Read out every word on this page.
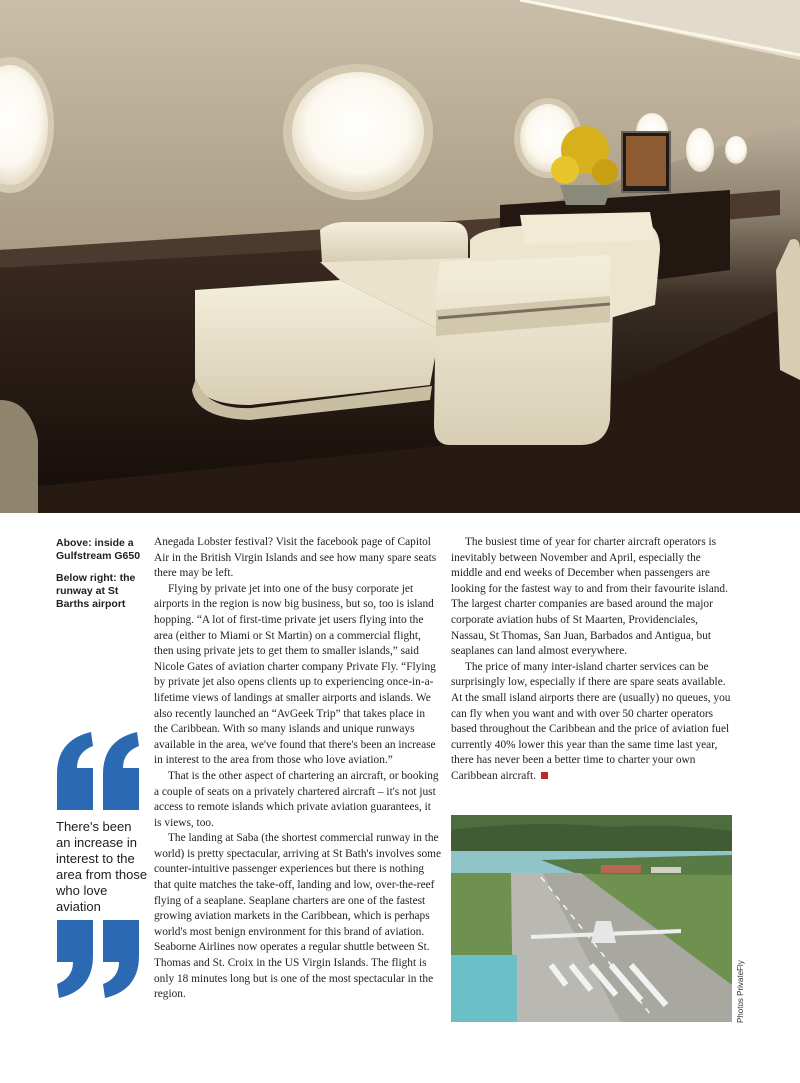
Above: inside a Gulfstream G650
Below right: the runway at St Barths airport
There's been an increase in interest to the area from those who love aviation

Anegada Lobster festival? Visit the facebook page of Capitol Air in the British Virgin Islands and see how many spare seats there may be left.

Flying by private jet into one of the busy corporate jet airports in the region is now big business, but so, too is island hopping. “A lot of first-time private jet users flying into the area (either to Miami or St Martin) on a commercial flight, then using private jets to get them to smaller islands,” said Nicole Gates of aviation charter company Private Fly. “Flying by private jet also opens clients up to experiencing once-in-a-lifetime views of landings at smaller airports and islands. We also recently launched an “AvGeek Trip” that takes place in the Caribbean. With so many islands and unique runways available in the area, we've found that there's been an increase in interest to the area from those who love aviation.”

That is the other aspect of chartering an aircraft, or booking a couple of seats on a privately chartered aircraft – it's not just access to remote islands which private aviation guarantees, it is views, too.

The landing at Saba (the shortest commercial runway in the world) is pretty spectacular, arriving at St Bath's involves some counter-intuitive passenger experiences but there is nothing that quite matches the take-off, landing and low, over-the-reef flying of a seaplane. Seaplane charters are one of the fastest growing aviation markets in the Caribbean, which is perhaps world's most benign environment for this brand of aviation. Seaborne Airlines now operates a regular shuttle between St. Thomas and St. Croix in the US Virgin Islands. The flight is only 18 minutes long but is one of the most spectacular in the region.

The busiest time of year for charter aircraft operators is inevitably between November and April, especially the middle and end weeks of December when passengers are looking for the fastest way to and from their favourite island. The largest charter companies are based around the major corporate aviation hubs of St Maarten, Providenciales, Nassau, St Thomas, San Juan, Barbados and Antigua, but seaplanes can land almost everywhere.

The price of many inter-island charter services can be surprisingly low, especially if there are spare seats available. At the small island airports there are (usually) no queues, you can fly when you want and with over 50 charter operators based throughout the Caribbean and the price of aviation fuel currently 40% lower this year than the same time last year, there has never been a better time to charter your own Caribbean aircraft.

Photos PrivateFly
